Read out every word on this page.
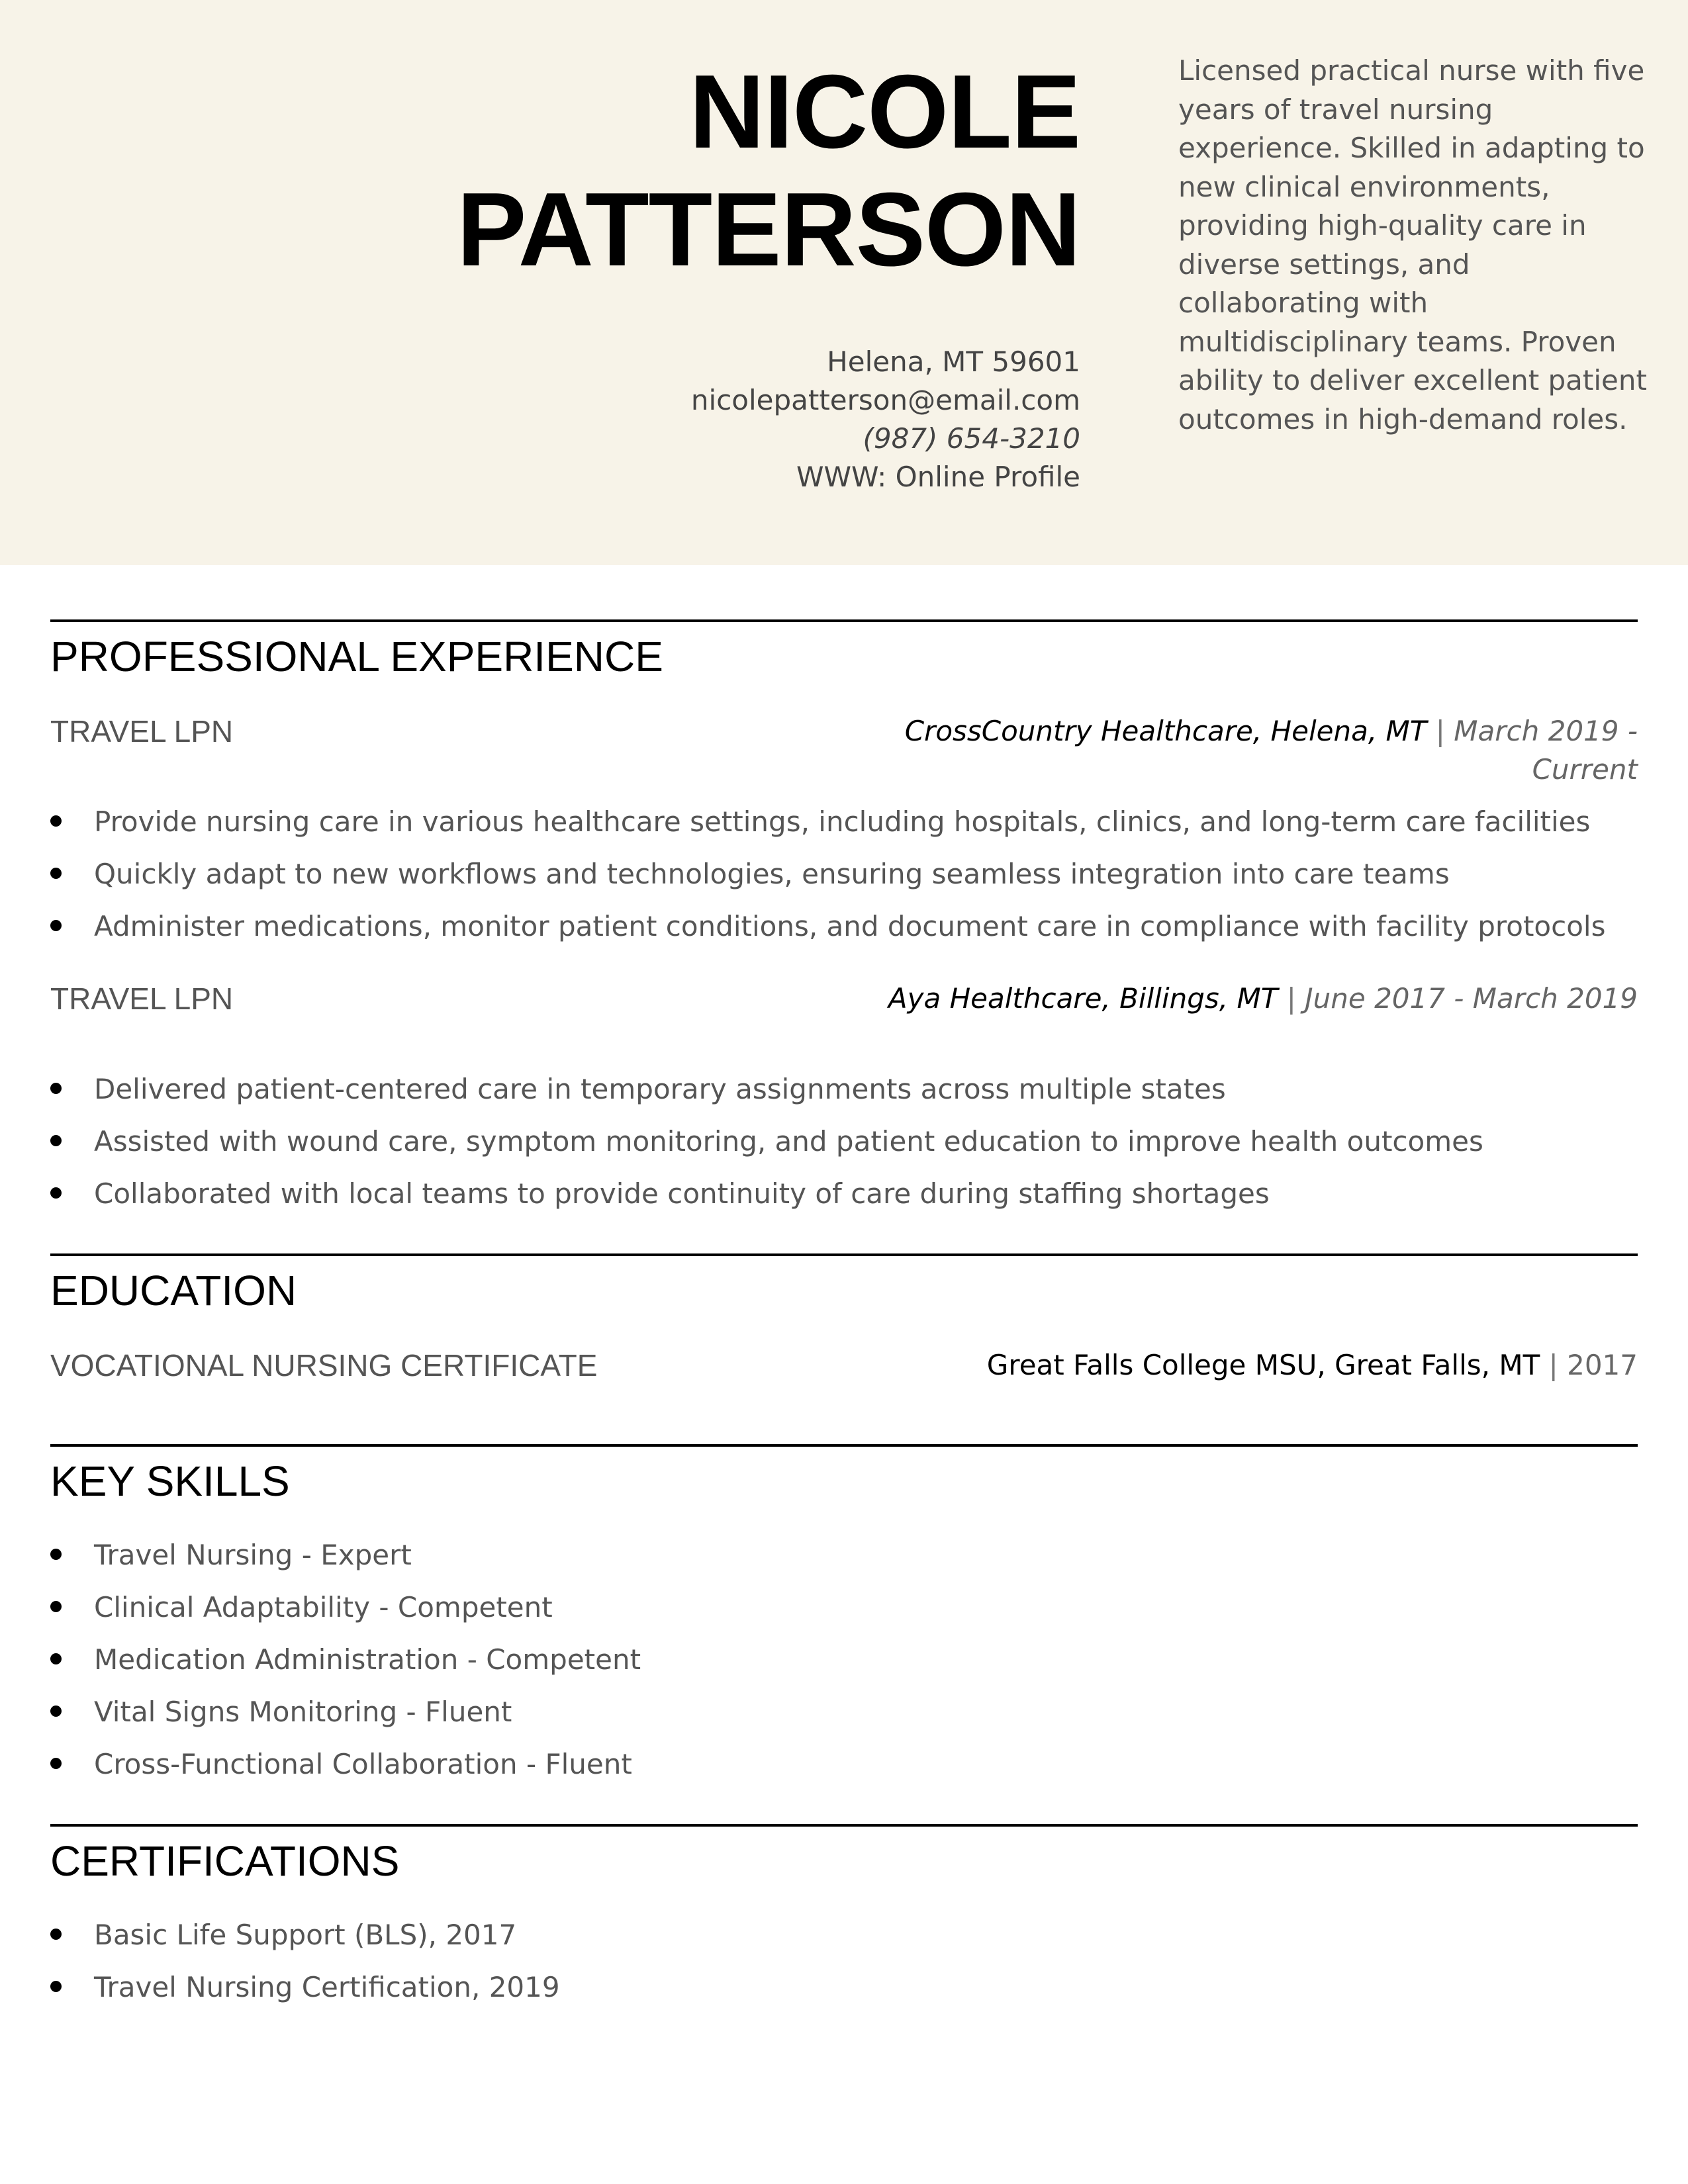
NICOLE
PATTERSON
Helena, MT 59601
nicolepatterson@email.com
(987) 654-3210
WWW: Online Profile
Licensed practical nurse with five years of travel nursing experience. Skilled in adapting to new clinical environments, providing high-quality care in diverse settings, and collaborating with multidisciplinary teams. Proven ability to deliver excellent patient outcomes in high-demand roles.
PROFESSIONAL EXPERIENCE
TRAVEL LPN	CrossCountry Healthcare, Helena, MT | March 2019 - Current
Provide nursing care in various healthcare settings, including hospitals, clinics, and long-term care facilities
Quickly adapt to new workflows and technologies, ensuring seamless integration into care teams
Administer medications, monitor patient conditions, and document care in compliance with facility protocols
TRAVEL LPN	Aya Healthcare, Billings, MT | June 2017 - March 2019
Delivered patient-centered care in temporary assignments across multiple states
Assisted with wound care, symptom monitoring, and patient education to improve health outcomes
Collaborated with local teams to provide continuity of care during staffing shortages
EDUCATION
VOCATIONAL NURSING CERTIFICATE	Great Falls College MSU, Great Falls, MT | 2017
KEY SKILLS
Travel Nursing - Expert
Clinical Adaptability - Competent
Medication Administration - Competent
Vital Signs Monitoring - Fluent
Cross-Functional Collaboration - Fluent
CERTIFICATIONS
Basic Life Support (BLS), 2017
Travel Nursing Certification, 2019
